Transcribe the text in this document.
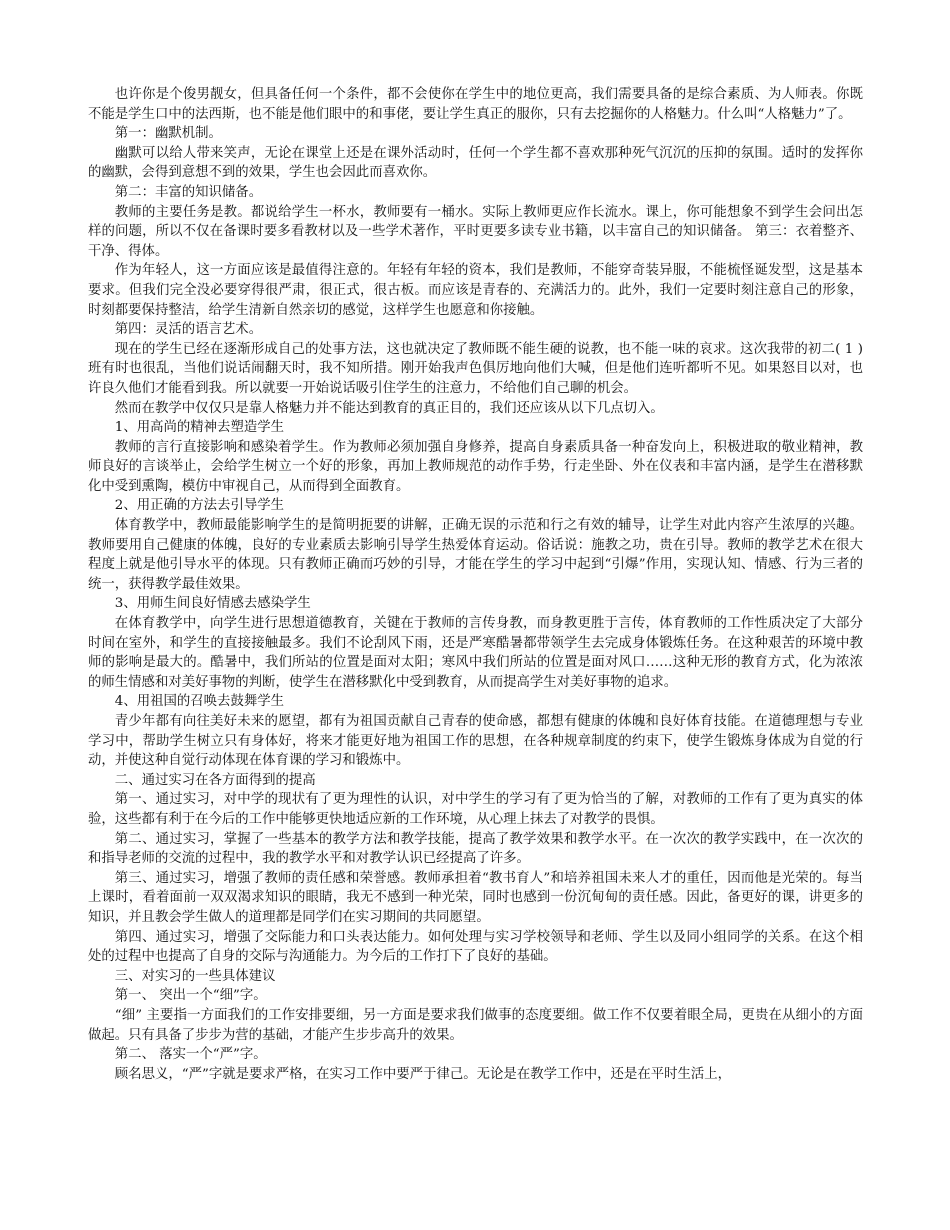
也许你是个俊男靓女，但具备任何一个条件，都不会使你在学生中的地位更高，我们需要具备的是综合素质、为人师表。你既不能是学生口中的法西斯，也不能是他们眼中的和事佬，要让学生真正的服你，只有去挖掘你的人格魅力。什么叫“人格魅力”了。

第一：幽默机制。

幽默可以给人带来笑声，无论在课堂上还是在课外活动时，任何一个学生都不喜欢那种死气沉沉的压抑的氛围。适时的发挥你的幽默，会得到意想不到的效果，学生也会因此而喜欢你。

第二：丰富的知识储备。

教师的主要任务是教。都说给学生一杯水，教师要有一桶水。实际上教师更应作长流水。课上，你可能想象不到学生会问出怎样的问题，所以不仅在备课时要多看教材以及一些学术著作，平时更要多读专业书籍，以丰富自己的知识储备。 第三：衣着整齐、干净、得体。

作为年轻人，这一方面应该是最值得注意的。年轻有年轻的资本，我们是教师，不能穿奇装异服，不能梳怪诞发型，这是基本要求。但我们完全没必要穿得很严肃，很正式，很古板。而应该是青春的、充满活力的。此外，我们一定要时刻注意自己的形象，时刻都要保持整洁，给学生清新自然亲切的感觉，这样学生也愿意和你接触。

第四：灵活的语言艺术。

现在的学生已经在逐渐形成自己的处事方法，这也就决定了教师既不能生硬的说教，也不能一味的哀求。这次我带的初二( 1 )班有时也很乱，当他们说话闹翻天时，我不知所措。刚开始我声色俱厉地向他们大喊，但是他们连听都听不见。如果怒目以对，也许良久他们才能看到我。所以就要一开始说话吸引住学生的注意力，不给他们自己聊的机会。

然而在教学中仅仅只是靠人格魅力并不能达到教育的真正目的，我们还应该从以下几点切入。

1、用高尚的精神去塑造学生

教师的言行直接影响和感染着学生。作为教师必须加强自身修养，提高自身素质具备一种奋发向上，积极进取的敬业精神，教师良好的言谈举止，会给学生树立一个好的形象，再加上教师规范的动作手势，行走坐卧、外在仪表和丰富内涵，是学生在潜移默化中受到熏陶，模仿中审视自己，从而得到全面教育。

2、用正确的方法去引导学生

体育教学中，教师最能影响学生的是简明扼要的讲解，正确无误的示范和行之有效的辅导，让学生对此内容产生浓厚的兴趣。教师要用自己健康的体魄，良好的专业素质去影响引导学生热爱体育运动。俗话说：施教之功，贵在引导。教师的教学艺术在很大程度上就是他引导水平的体现。只有教师正确而巧妙的引导，才能在学生的学习中起到“引爆”作用，实现认知、情感、行为三者的统一，获得教学最佳效果。

3、用师生间良好情感去感染学生

在体育教学中，向学生进行思想道德教育，关键在于教师的言传身教，而身教更胜于言传，体育教师的工作性质决定了大部分时间在室外，和学生的直接接触最多。我们不论刮风下雨，还是严寒酷暑都带领学生去完成身体锻炼任务。在这种艰苦的环境中教师的影响是最大的。酷暑中，我们所站的位置是面对太阳；寒风中我们所站的位置是面对风口……这种无形的教育方式，化为浓浓的师生情感和对美好事物的判断，使学生在潜移默化中受到教育，从而提高学生对美好事物的追求。

4、用祖国的召唤去鼓舞学生

青少年都有向往美好未来的愿望，都有为祖国贡献自己青春的使命感，都想有健康的体魄和良好体育技能。在道德理想与专业学习中，帮助学生树立只有身体好，将来才能更好地为祖国工作的思想，在各种规章制度的约束下，使学生锻炼身体成为自觉的行动，并使这种自觉行动体现在体育课的学习和锻炼中。

二、通过实习在各方面得到的提高

第一、通过实习，对中学的现状有了更为理性的认识，对中学生的学习有了更为恰当的了解，对教师的工作有了更为真实的体验，这些都有利于在今后的工作中能够更快地适应新的工作环境，从心理上抹去了对教学的畏惧。

第二、通过实习，掌握了一些基本的教学方法和教学技能，提高了教学效果和教学水平。在一次次的教学实践中，在一次次的和指导老师的交流的过程中，我的教学水平和对教学认识已经提高了许多。

第三、通过实习，增强了教师的责任感和荣誉感。教师承担着“教书育人”和培养祖国未来人才的重任，因而他是光荣的。每当上课时，看着面前一双双渴求知识的眼睛，我无不感到一种光荣，同时也感到一份沉甸甸的责任感。因此，备更好的课，讲更多的知识，并且教会学生做人的道理都是同学们在实习期间的共同愿望。

第四、通过实习，增强了交际能力和口头表达能力。如何处理与实习学校领导和老师、学生以及同小组同学的关系。在这个相处的过程中也提高了自身的交际与沟通能力。为今后的工作打下了良好的基础。

三、对实习的一些具体建议

第一、 突出一个“细”字。

“细” 主要指一方面我们的工作安排要细，另一方面是要求我们做事的态度要细。做工作不仅要着眼全局，更贵在从细小的方面做起。只有具备了步步为营的基础，才能产生步步高升的效果。

第二、 落实一个“严”字。

顾名思义，“严”字就是要求严格，在实习工作中要严于律己。无论是在教学工作中，还是在平时生活上，
